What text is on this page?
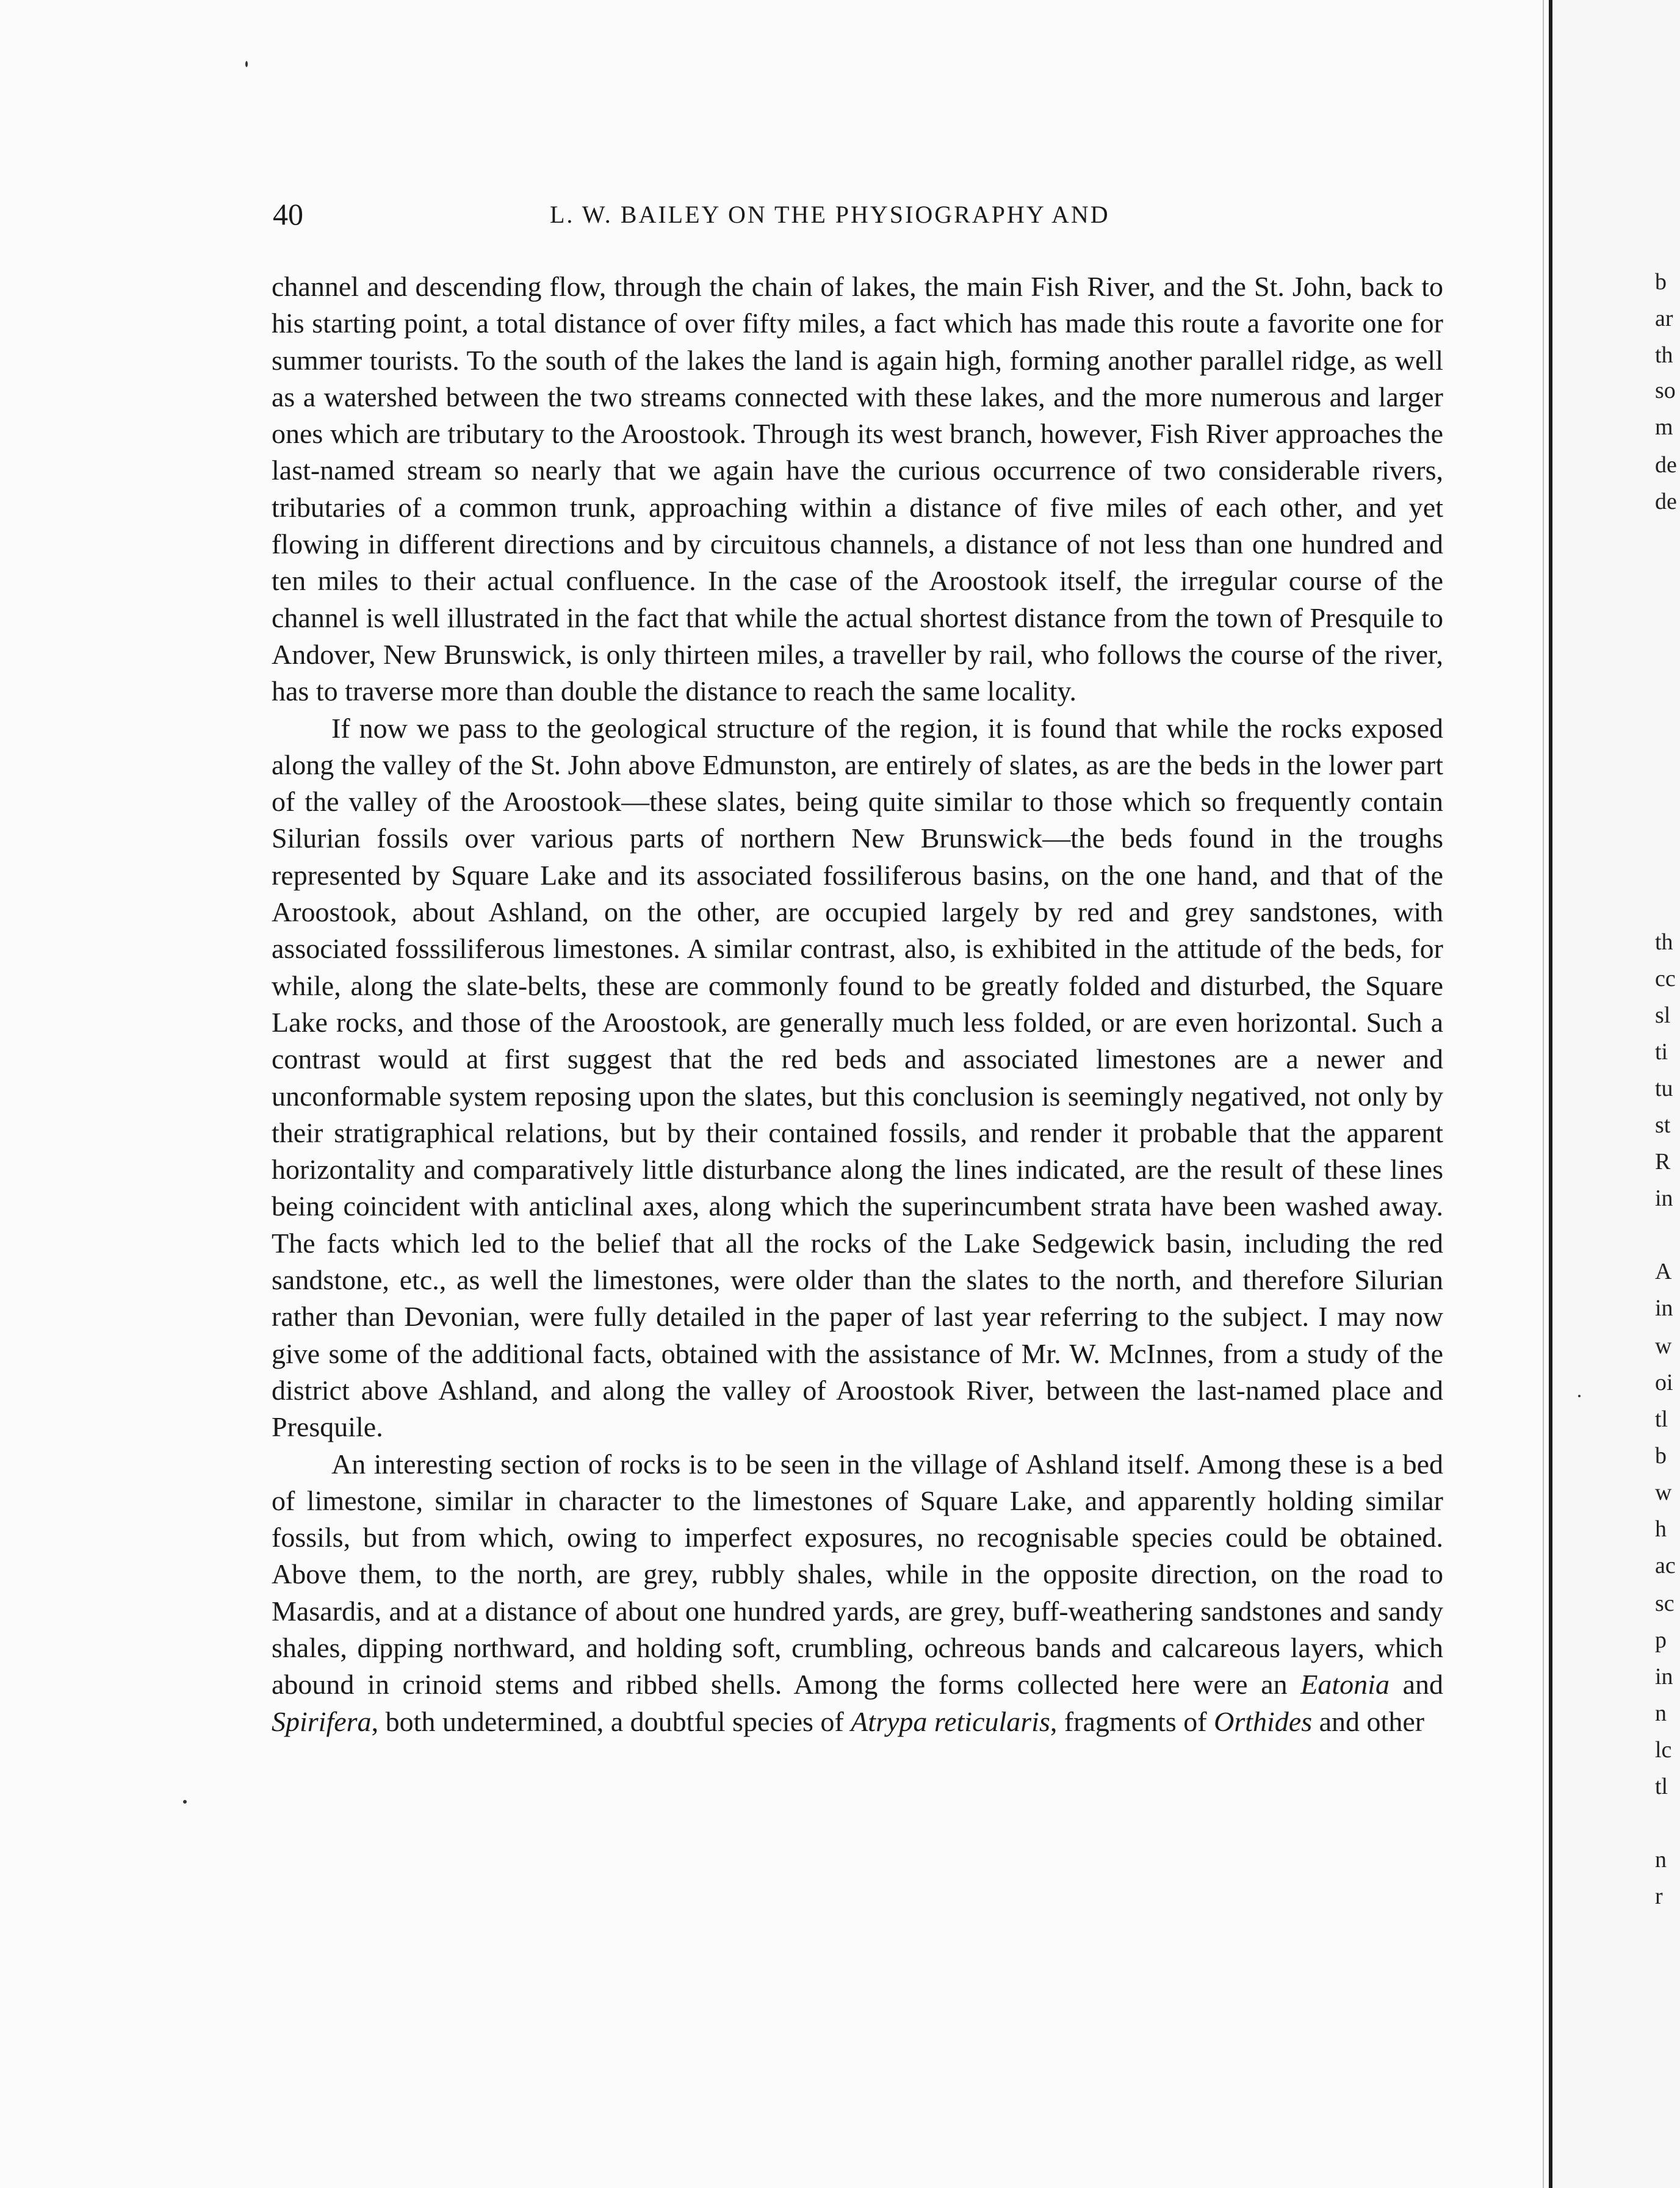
40	L. W. BAILEY ON THE PHYSIOGRAPHY AND

channel and descending flow, through the chain of lakes, the main Fish River, and the St. John, back to his starting point, a total distance of over fifty miles, a fact which has made this route a favorite one for summer tourists. To the south of the lakes the land is again high, forming another parallel ridge, as well as a watershed between the two streams connected with these lakes, and the more numerous and larger ones which are tributary to the Aroostook. Through its west branch, however, Fish River approaches the last-named stream so nearly that we again have the curious occurrence of two considerable rivers, tributaries of a common trunk, approaching within a distance of five miles of each other, and yet flowing in different directions and by circuitous channels, a distance of not less than one hundred and ten miles to their actual confluence. In the case of the Aroostook itself, the irregular course of the channel is well illustrated in the fact that while the actual shortest distance from the town of Presquile to Andover, New Brunswick, is only thirteen miles, a traveller by rail, who follows the course of the river, has to traverse more than double the distance to reach the same locality.

If now we pass to the geological structure of the region, it is found that while the rocks exposed along the valley of the St. John above Edmunston, are entirely of slates, as are the beds in the lower part of the valley of the Aroostook—these slates, being quite similar to those which so frequently contain Silurian fossils over various parts of northern New Brunswick—the beds found in the troughs represented by Square Lake and its associated fossiliferous basins, on the one hand, and that of the Aroostook, about Ashland, on the other, are occupied largely by red and grey sandstones, with associated fosssiliferous limestones. A similar contrast, also, is exhibited in the attitude of the beds, for while, along the slate-belts, these are commonly found to be greatly folded and disturbed, the Square Lake rocks, and those of the Aroostook, are generally much less folded, or are even horizontal. Such a contrast would at first suggest that the red beds and associated limestones are a newer and unconformable system reposing upon the slates, but this conclusion is seemingly negatived, not only by their stratigraphical relations, but by their contained fossils, and render it probable that the apparent horizontality and comparatively little disturbance along the lines indicated, are the result of these lines being coincident with anticlinal axes, along which the superincumbent strata have been washed away. The facts which led to the belief that all the rocks of the Lake Sedgewick basin, including the red sandstone, etc., as well the limestones, were older than the slates to the north, and therefore Silurian rather than Devonian, were fully detailed in the paper of last year referring to the subject. I may now give some of the additional facts, obtained with the assistance of Mr. W. McInnes, from a study of the district above Ashland, and along the valley of Aroostook River, between the last-named place and Presquile.

An interesting section of rocks is to be seen in the village of Ashland itself. Among these is a bed of limestone, similar in character to the limestones of Square Lake, and apparently holding similar fossils, but from which, owing to imperfect exposures, no recognisable species could be obtained. Above them, to the north, are grey, rubbly shales, while in the opposite direction, on the road to Masardis, and at a distance of about one hundred yards, are grey, buff-weathering sandstones and sandy shales, dipping northward, and holding soft, crumbling, ochreous bands and calcareous layers, which abound in crinoid stems and ribbed shells. Among the forms collected here were an Eatonia and Spirifera, both undetermined, a doubtful species of Atrypa reticularis, fragments of Orthides and other

b
ar
th
so
m
de
de
th
cc
sl
ti
tu
st
R
in
A
in
w
oi
tl
b
w
h
ac
sc
p
in
n
lc
tl
n
r
